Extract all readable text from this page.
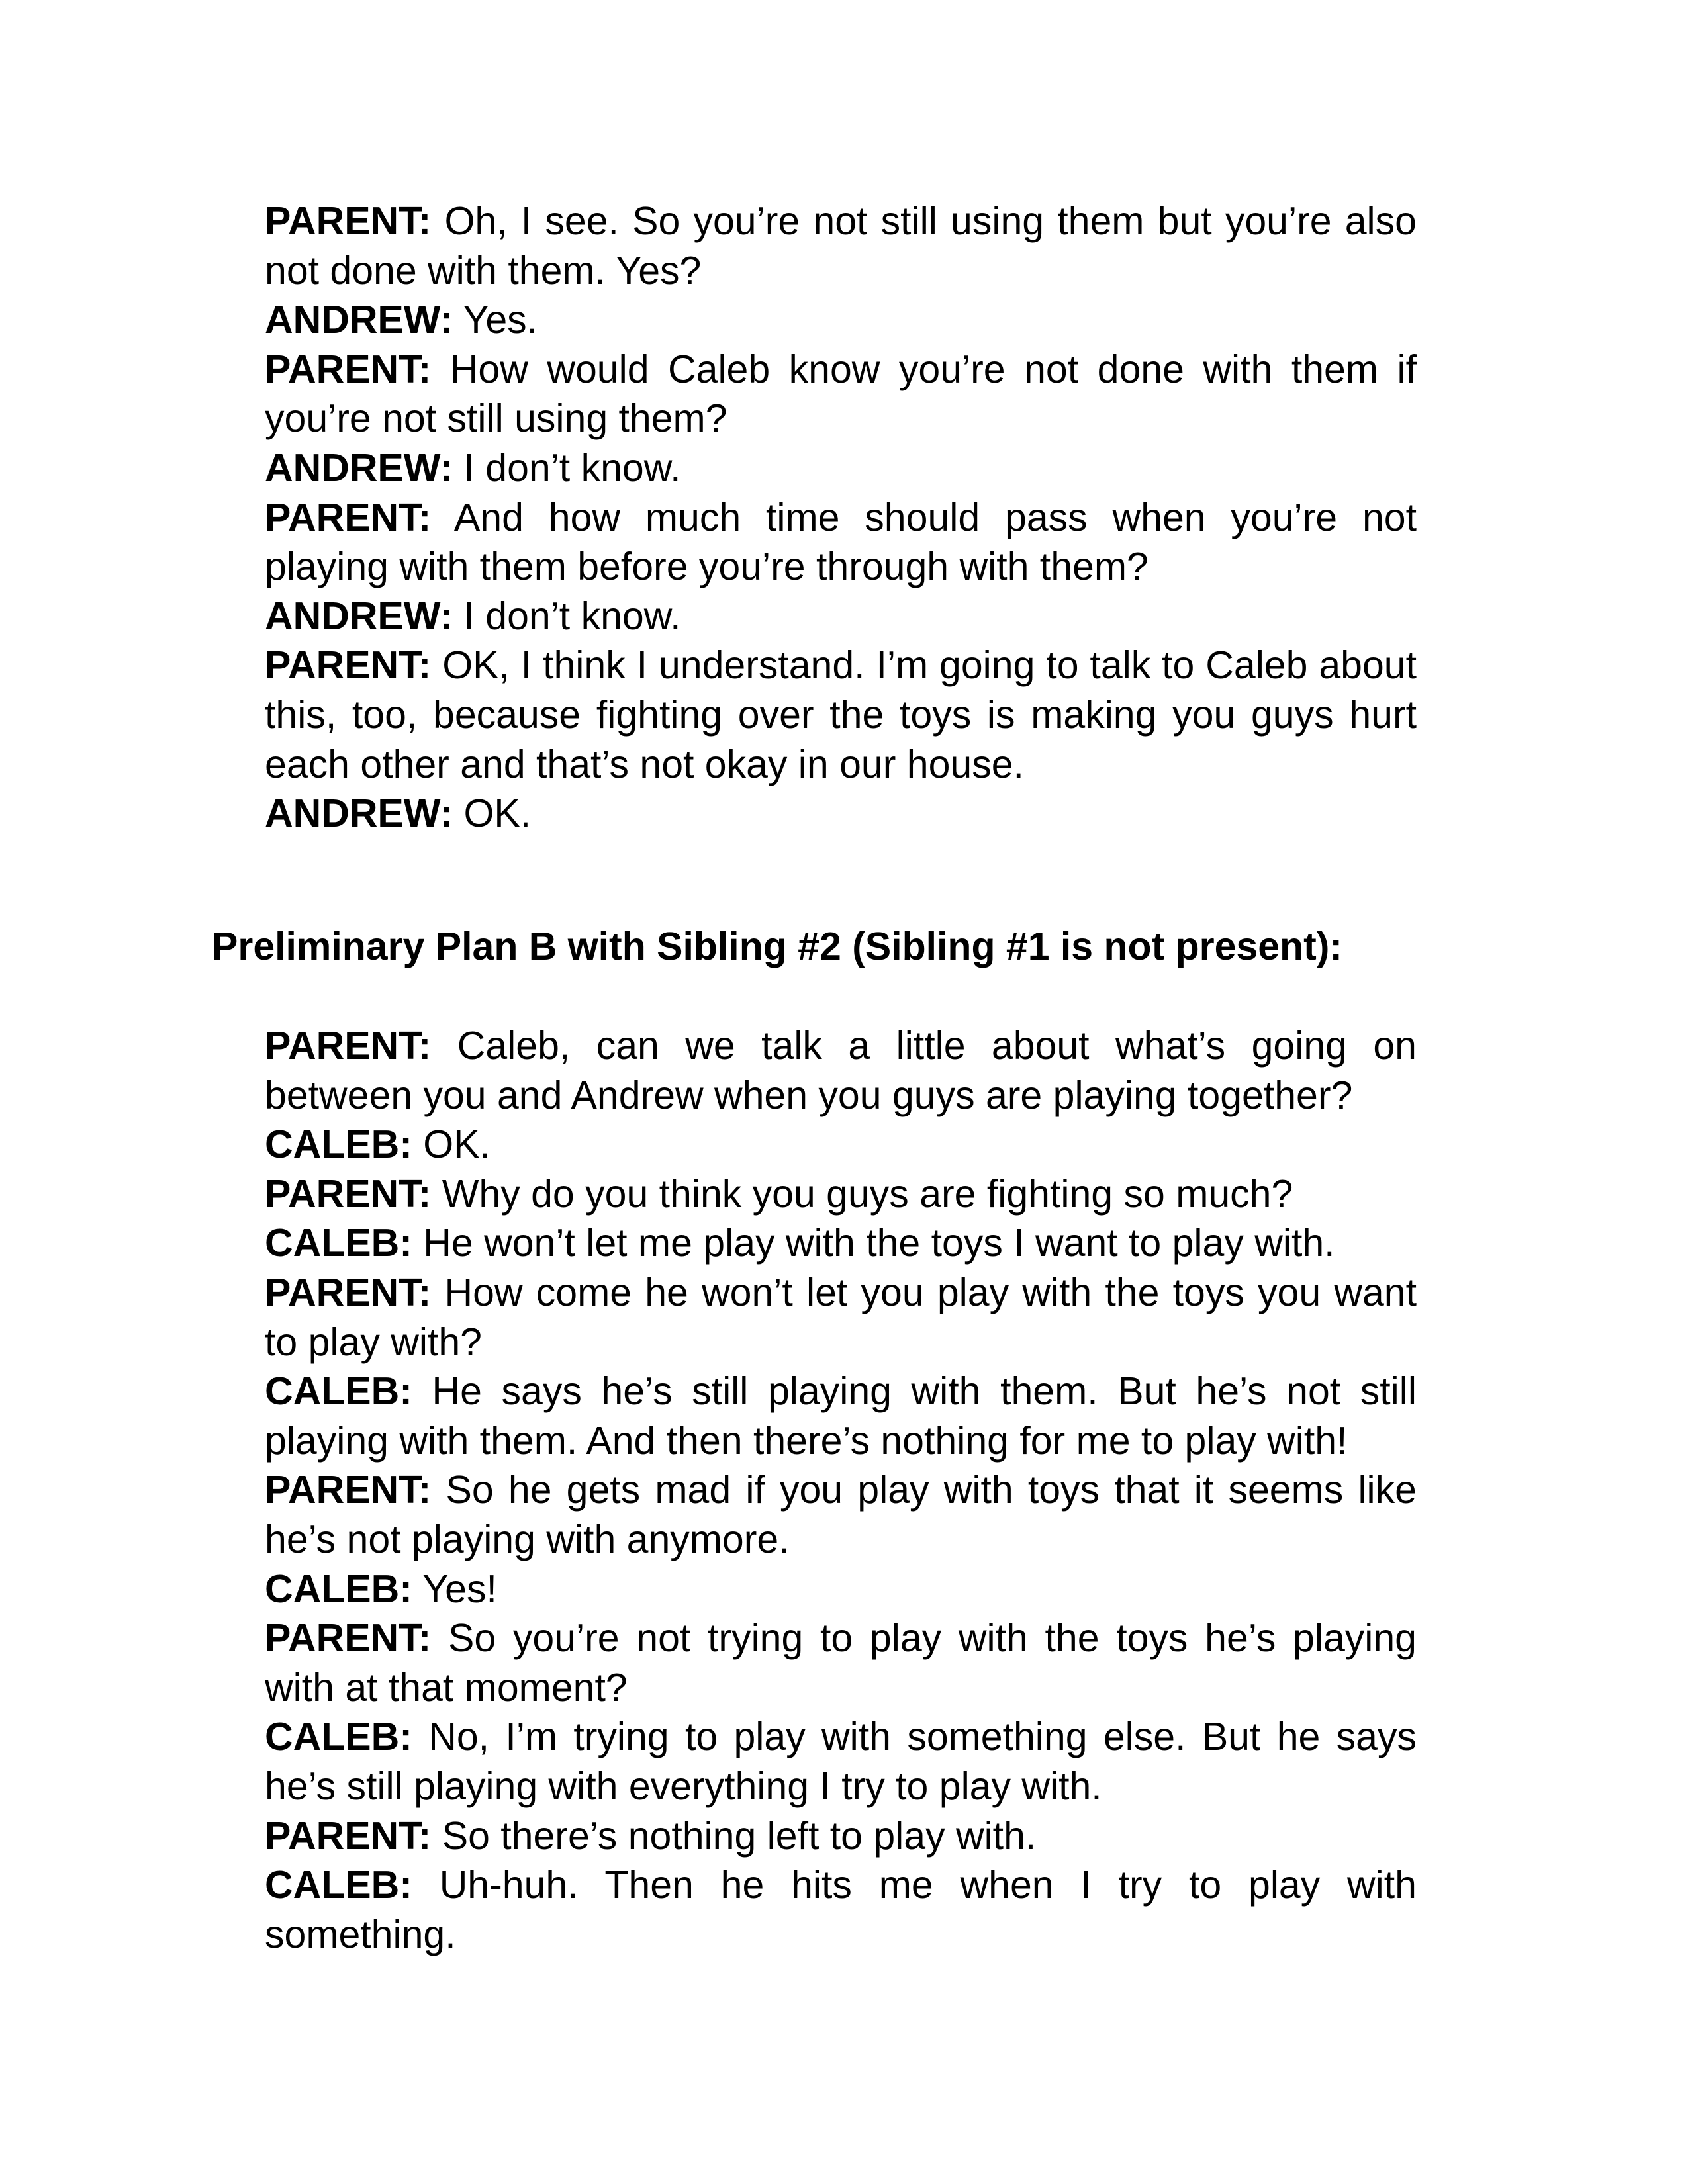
PARENT: Oh, I see. So you’re not still using them but you’re also not done with them. Yes?

ANDREW: Yes.

PARENT: How would Caleb know you’re not done with them if you’re not still using them?

ANDREW: I don’t know.

PARENT: And how much time should pass when you’re not playing with them before you’re through with them?

ANDREW: I don’t know.

PARENT: OK, I think I understand. I’m going to talk to Caleb about this, too, because fighting over the toys is making you guys hurt each other and that’s not okay in our house.

ANDREW: OK.

Preliminary Plan B with Sibling #2 (Sibling #1 is not present):

PARENT: Caleb, can we talk a little about what’s going on between you and Andrew when you guys are playing together?

CALEB: OK.

PARENT: Why do you think you guys are fighting so much?

CALEB: He won’t let me play with the toys I want to play with.

PARENT: How come he won’t let you play with the toys you want to play with?

CALEB: He says he’s still playing with them. But he’s not still playing with them. And then there’s nothing for me to play with!

PARENT: So he gets mad if you play with toys that it seems like he’s not playing with anymore.

CALEB: Yes!

PARENT: So you’re not trying to play with the toys he’s playing with at that moment?

CALEB: No, I’m trying to play with something else. But he says he’s still playing with everything I try to play with.

PARENT: So there’s nothing left to play with.

CALEB: Uh-huh. Then he hits me when I try to play with something.
